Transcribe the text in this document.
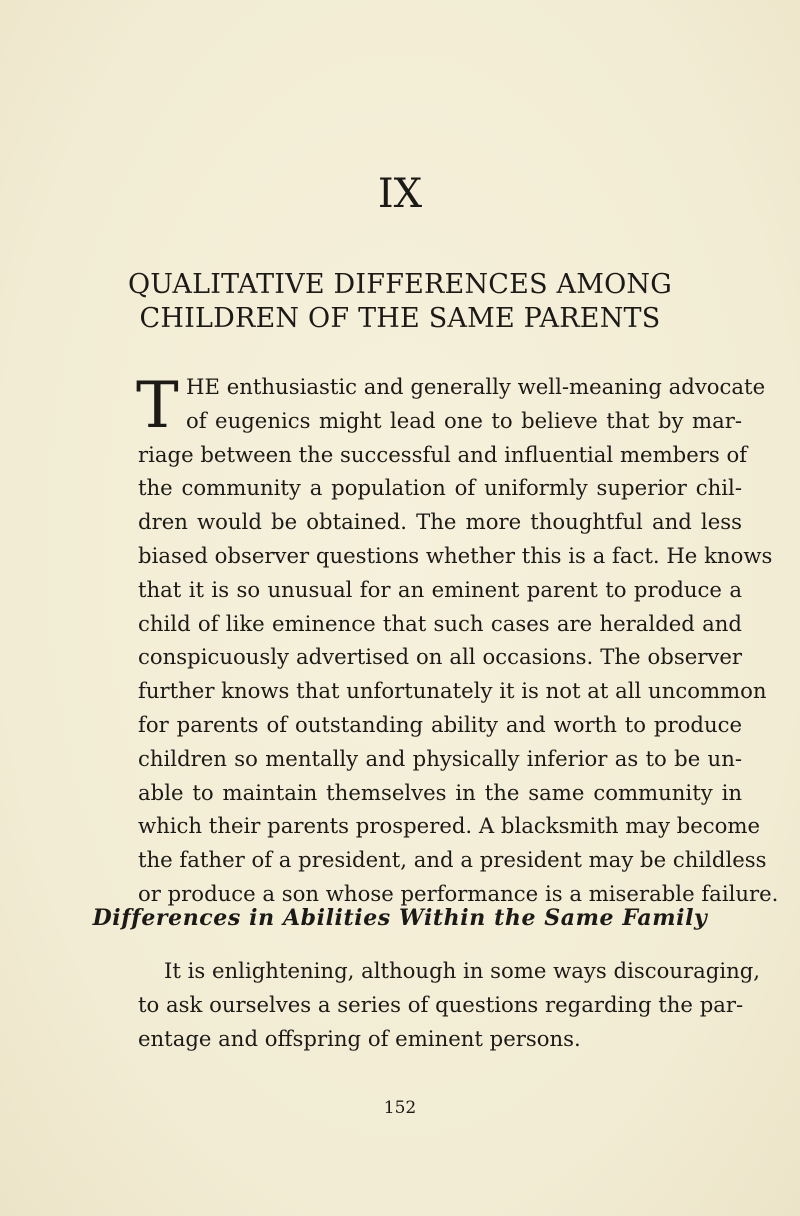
IX
QUALITATIVE DIFFERENCES AMONG
CHILDREN OF THE SAME PARENTS
T HE enthusiastic and generally well-meaning advocate
of eugenics might lead one to believe that by mar-
riage between the successful and influential members of
the community a population of uniformly superior chil-
dren would be obtained. The more thoughtful and less
biased observer questions whether this is a fact. He knows
that it is so unusual for an eminent parent to produce a
child of like eminence that such cases are heralded and
conspicuously advertised on all occasions. The observer
further knows that unfortunately it is not at all uncommon
for parents of outstanding ability and worth to produce
children so mentally and physically inferior as to be un-
able to maintain themselves in the same community in
which their parents prospered. A blacksmith may become
the father of a president, and a president may be childless
or produce a son whose performance is a miserable failure.
Differences in Abilities Within the Same Family
It is enlightening, although in some ways discouraging,
to ask ourselves a series of questions regarding the par-
entage and offspring of eminent persons.
152
